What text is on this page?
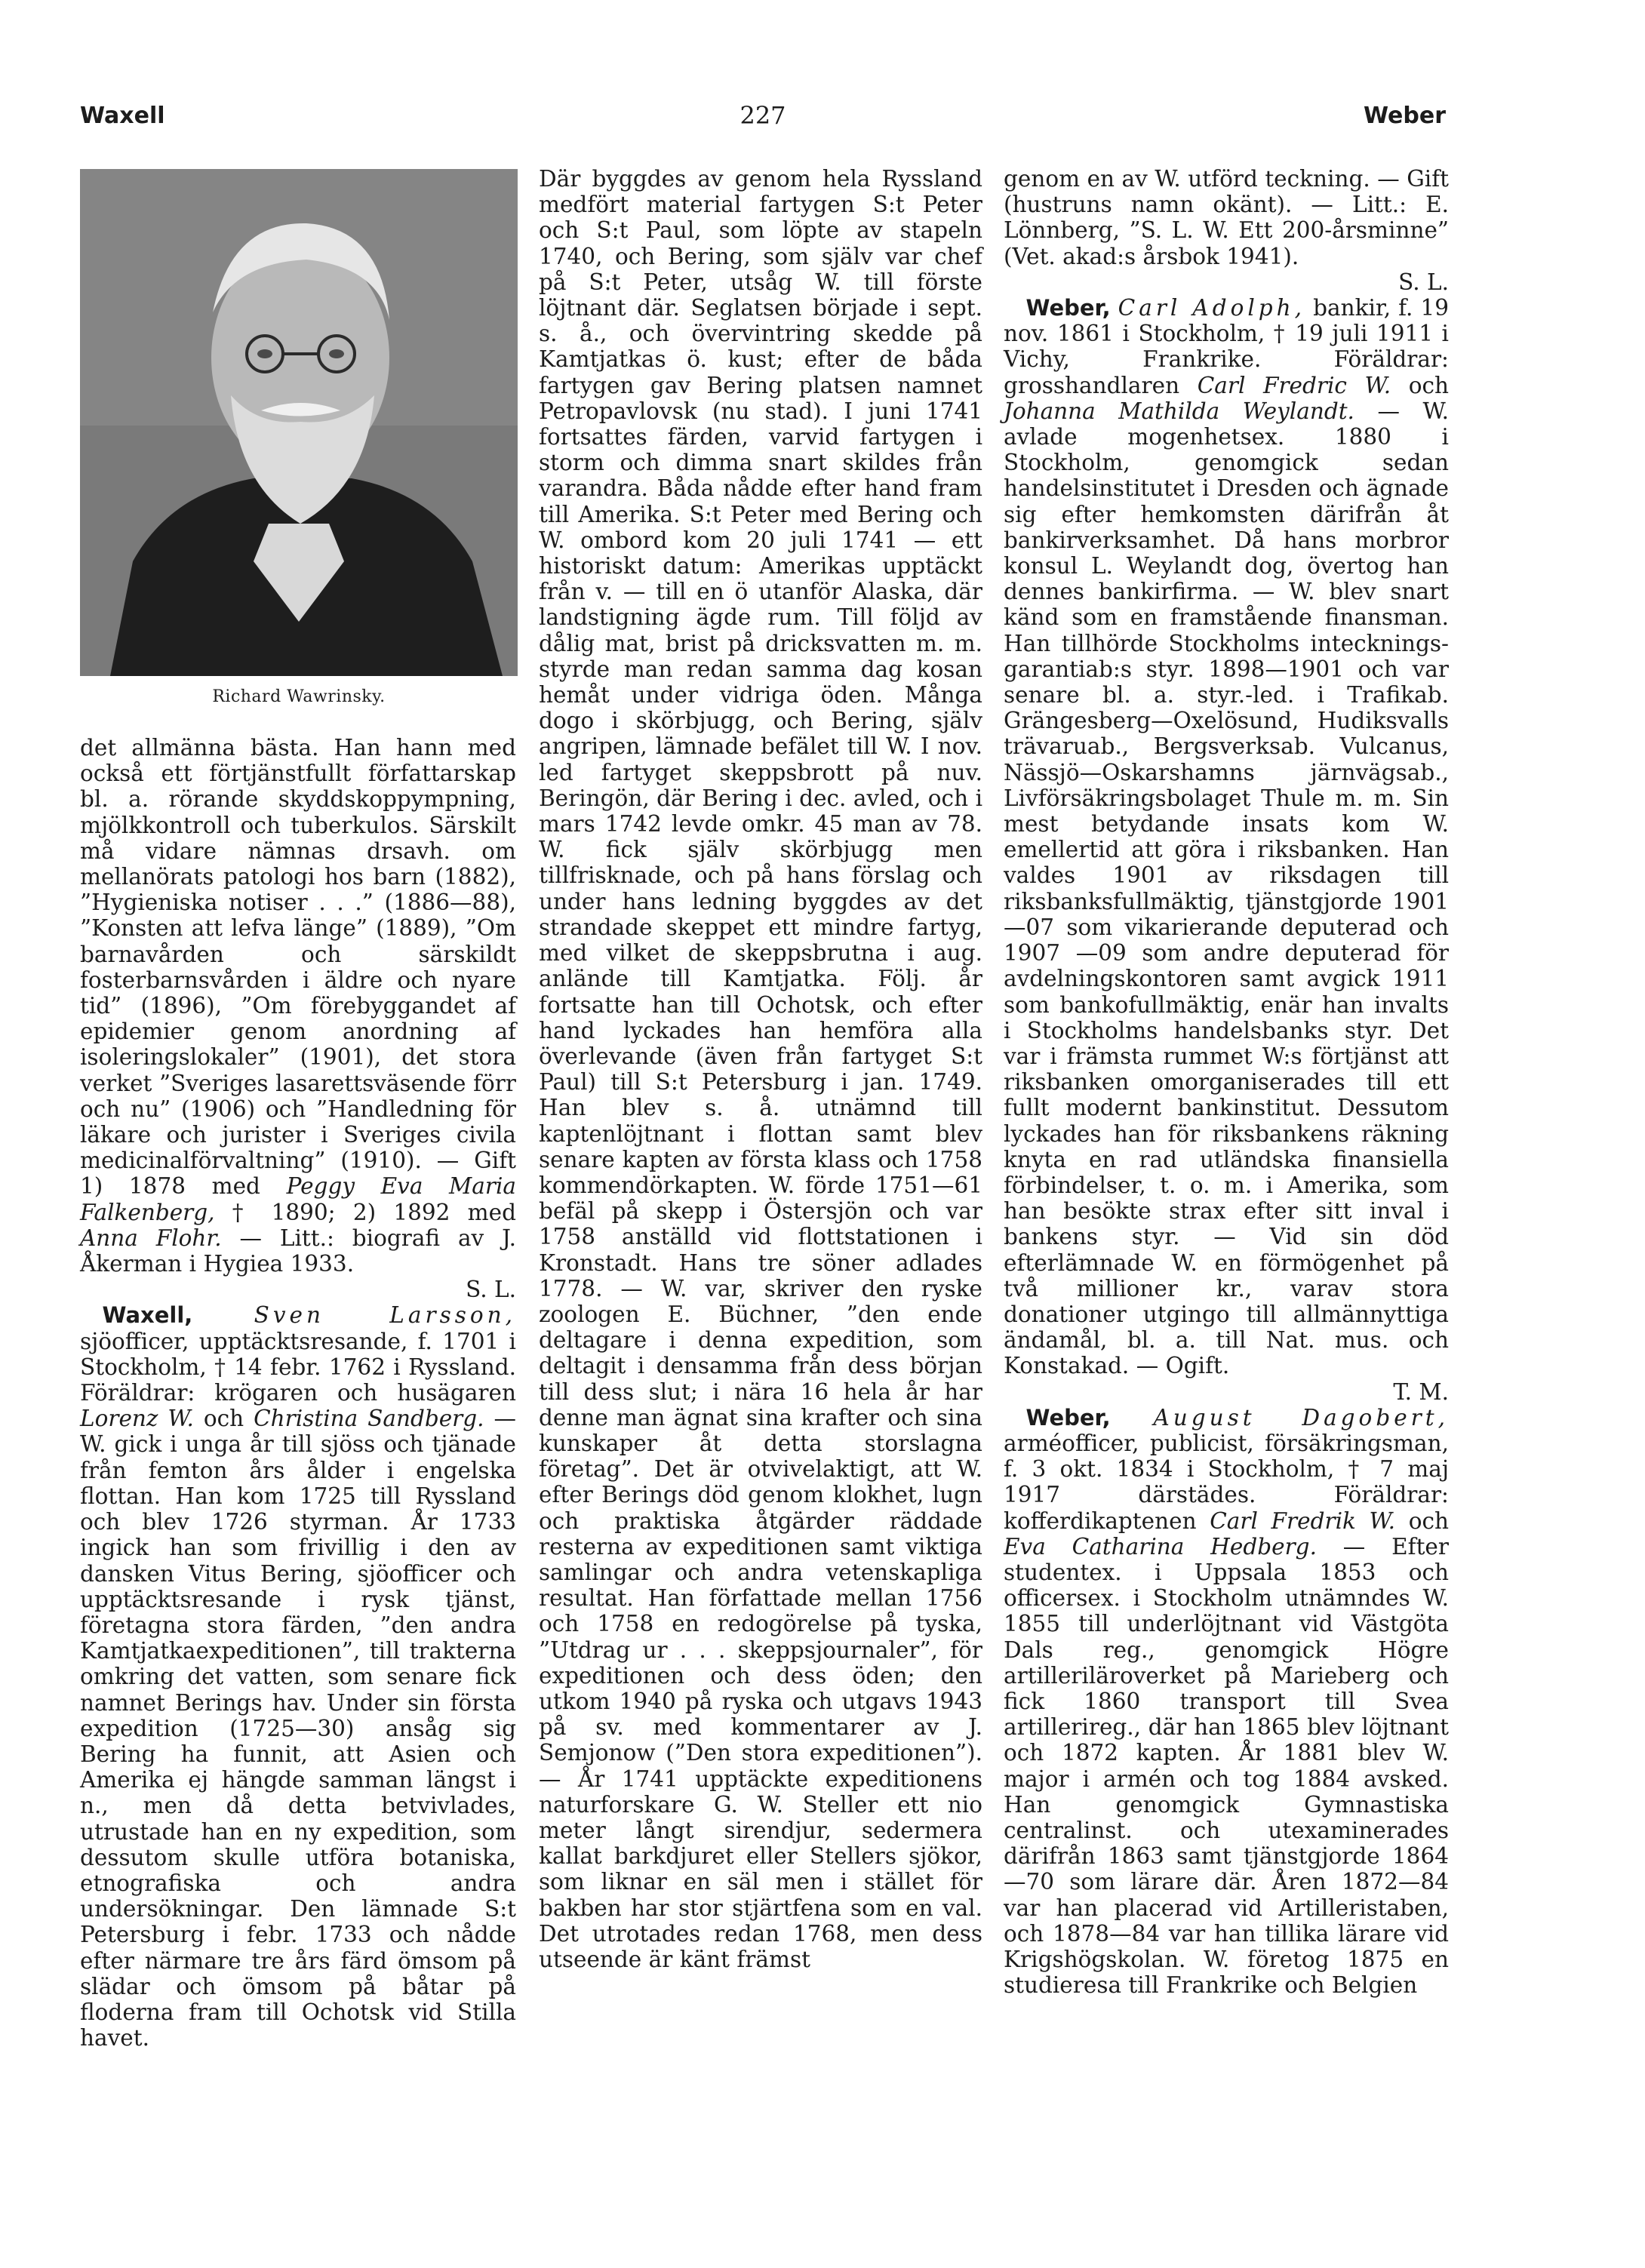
Waxell	227	Weber
Richard Wawrinsky.

det allmänna bästa. Han hann med också ett förtjänstfullt författarskap bl. a. rörande skyddskoppympning, mjölkkontroll och tuberkulos. Särskilt må vidare nämnas drsavh. om mellanörats patologi hos barn (1882), ”Hygieniska notiser . . .” (1886—88), ”Konsten att lefva länge” (1889), ”Om barnavården och särskildt fosterbarnsvården i äldre och nyare tid” (1896), ”Om förebyggandet af epidemier genom anordning af isoleringslokaler” (1901), det stora verket ”Sveriges lasarettsväsende förr och nu” (1906) och ”Handledning för läkare och jurister i Sveriges civila medicinalförvaltning” (1910). — Gift 1) 1878 med Peggy Eva Maria Falkenberg, † 1890; 2) 1892 med Anna Flohr. — Litt.: biografi av J. Åkerman i Hygiea 1933.

S. L.

 Waxell,	Sven Larsson, sjöofficer, upptäcktsresande, f. 1701 i Stockholm, † 14 febr. 1762 i Ryssland. Föräldrar: krögaren och husägaren Lorenz W. och Christina Sandberg. — W. gick i unga år till sjöss och tjänade från femton års ålder i engelska flottan. Han kom 1725 till Ryssland och blev 1726 styrman. År 1733 ingick han som frivillig i den av dansken Vitus Bering, sjöofficer och upptäcktsresande i rysk tjänst, företagna stora färden, ”den andra Kamtjatkaexpeditionen”, till trakterna omkring det vatten, som senare fick namnet Berings hav. Under sin första expedition (1725—30) ansåg sig Bering ha funnit, att Asien och Amerika ej hängde samman längst i n., men då detta betvivlades, utrustade han en ny expedition, som dessutom skulle utföra botaniska, etnografiska och andra undersökningar. Den lämnade S:t Petersburg i febr. 1733 och nådde efter närmare tre års färd ömsom på slädar och ömsom på båtar på floderna fram till Ochotsk vid Stilla havet.

Där byggdes av genom hela Ryssland medfört material fartygen S:t Peter och S:t Paul, som löpte av stapeln 1740, och Bering, som själv var chef på S:t Peter, utsåg W. till förste löjtnant där. Seglatsen började i sept. s. å., och övervintring skedde på Kamtjatkas ö. kust; efter de båda fartygen gav Bering platsen namnet Petropavlovsk (nu stad). I juni 1741 fortsattes färden, varvid fartygen i storm och dimma snart skildes från varandra. Båda nådde efter hand fram till Amerika. S:t Peter med Bering och W. ombord kom 20 juli 1741 — ett historiskt datum: Amerikas upptäckt från v. — till en ö utanför Alaska, där landstigning ägde rum. Till följd av dålig mat, brist på dricksvatten m. m. styrde man redan samma dag kosan hemåt under vidriga öden. Många dogo i skörbjugg, och Bering, själv angripen, lämnade befälet till W. I nov. led fartyget skeppsbrott på nuv. Beringön, där Bering i dec. avled, och i mars 1742 levde omkr. 45 man av 78. W. fick själv skörbjugg men tillfrisknade, och på hans förslag och under hans ledning byggdes av det strandade skeppet ett mindre fartyg, med vilket de skeppsbrutna i aug. anlände till Kamtjatka. Följ. år fortsatte han till Ochotsk, och efter hand lyckades han hemföra alla överlevande (även från fartyget S:t Paul) till S:t Petersburg i jan. 1749. Han blev s. å. utnämnd till kaptenlöjtnant i flottan samt blev senare kapten av första klass och 1758 kommendörkapten. W. förde 1751—61 befäl på skepp i Östersjön och var 1758 anställd vid flottstationen i Kronstadt. Hans tre söner adlades 1778. — W. var, skriver den ryske zoologen E. Büchner, ”den ende deltagare i denna expedition, som deltagit i densamma från dess början till dess slut; i nära 16 hela år har denne man ägnat sina krafter och sina kunskaper åt detta storslagna företag”. Det är otvivelaktigt, att W. efter Berings död genom klokhet, lugn och praktiska åtgärder räddade resterna av expeditionen samt viktiga samlingar och andra vetenskapliga resultat. Han författade mellan 1756 och 1758 en redogörelse på tyska, ”Utdrag ur . . . skeppsjournaler”, för expeditionen och dess öden; den utkom 1940 på ryska och utgavs 1943 på sv. med kommentarer av J. Semjonow (”Den stora expeditionen”). — År 1741 upptäckte expeditionens naturforskare G. W. Steller ett nio meter långt sirendjur, sedermera kallat barkdjuret eller Stellers sjökor, som liknar en säl men i stället för bakben har stor stjärtfena som en val. Det utrotades redan 1768, men dess utseende är känt främst

genom en av W. utförd teckning. — Gift (hustruns namn okänt). — Litt.: E. Lönnberg, ”S. L. W. Ett 200-årsminne” (Vet. akad:s årsbok 1941).

S. L.

 Weber, Carl Adolph, bankir, f. 19 nov. 1861 i Stockholm, † 19 juli 1911 i Vichy, Frankrike. Föräldrar: grosshandlaren Carl Fredric W. och Johanna Mathilda Weylandt. — W. avlade mogenhetsex. 1880 i Stockholm, genomgick sedan handelsinstitutet i Dresden och ägnade sig efter hemkomsten därifrån åt bankirverksamhet. Då hans morbror konsul L. Weylandt dog, övertog han dennes bankirfirma. — W. blev snart känd som en framstående finansman. Han tillhörde Stockholms intecknings-garantiab:s styr. 1898—1901 och var senare bl. a. styr.-led. i Trafikab. Grängesberg—Oxelösund, Hudiksvalls trävaruab., Bergsverksab. Vulcanus, Nässjö—Oskarshamns järnvägsab., Livförsäkringsbolaget Thule m. m. Sin mest betydande insats kom W. emellertid att göra i riksbanken. Han valdes 1901 av riksdagen till riksbanksfullmäktig, tjänstgjorde 1901—07 som vikarierande deputerad och 1907 —09 som andre deputerad för avdelningskontoren samt avgick 1911 som bankofullmäktig, enär han invalts i Stockholms handelsbanks styr. Det var i främsta rummet W:s förtjänst att riksbanken omorganiserades till ett fullt modernt bankinstitut. Dessutom lyckades han för riksbankens räkning knyta en rad utländska finansiella förbindelser, t. o. m. i Amerika, som han besökte strax efter sitt inval i bankens styr. — Vid sin död efterlämnade W. en förmögenhet på två millioner kr., varav stora donationer utgingo till allmännyttiga ändamål, bl. a. till Nat. mus. och Konstakad. — Ogift.

T. M.

 Weber, August Dagobert, arméofficer, publicist, försäkringsman, f. 3 okt. 1834 i Stockholm, † 7 maj 1917 därstädes. Föräldrar: kofferdikaptenen Carl Fredrik W. och Eva Catharina Hedberg. — Efter studentex. i Uppsala 1853 och officersex. i Stockholm utnämndes W. 1855 till underlöjtnant vid Västgöta Dals reg., genomgick Högre artilleriläroverket på Marieberg och fick 1860 transport till Svea artillerireg., där han 1865 blev löjtnant och 1872 kapten. År 1881 blev W. major i armén och tog 1884 avsked. Han genomgick Gymnastiska centralinst. och utexaminerades därifrån 1863 samt tjänstgjorde 1864—70 som lärare där. Åren 1872—84 var han placerad vid Artilleristaben, och 1878—84 var han tillika lärare vid Krigshögskolan. W. företog 1875 en studieresa till Frankrike och Belgien
